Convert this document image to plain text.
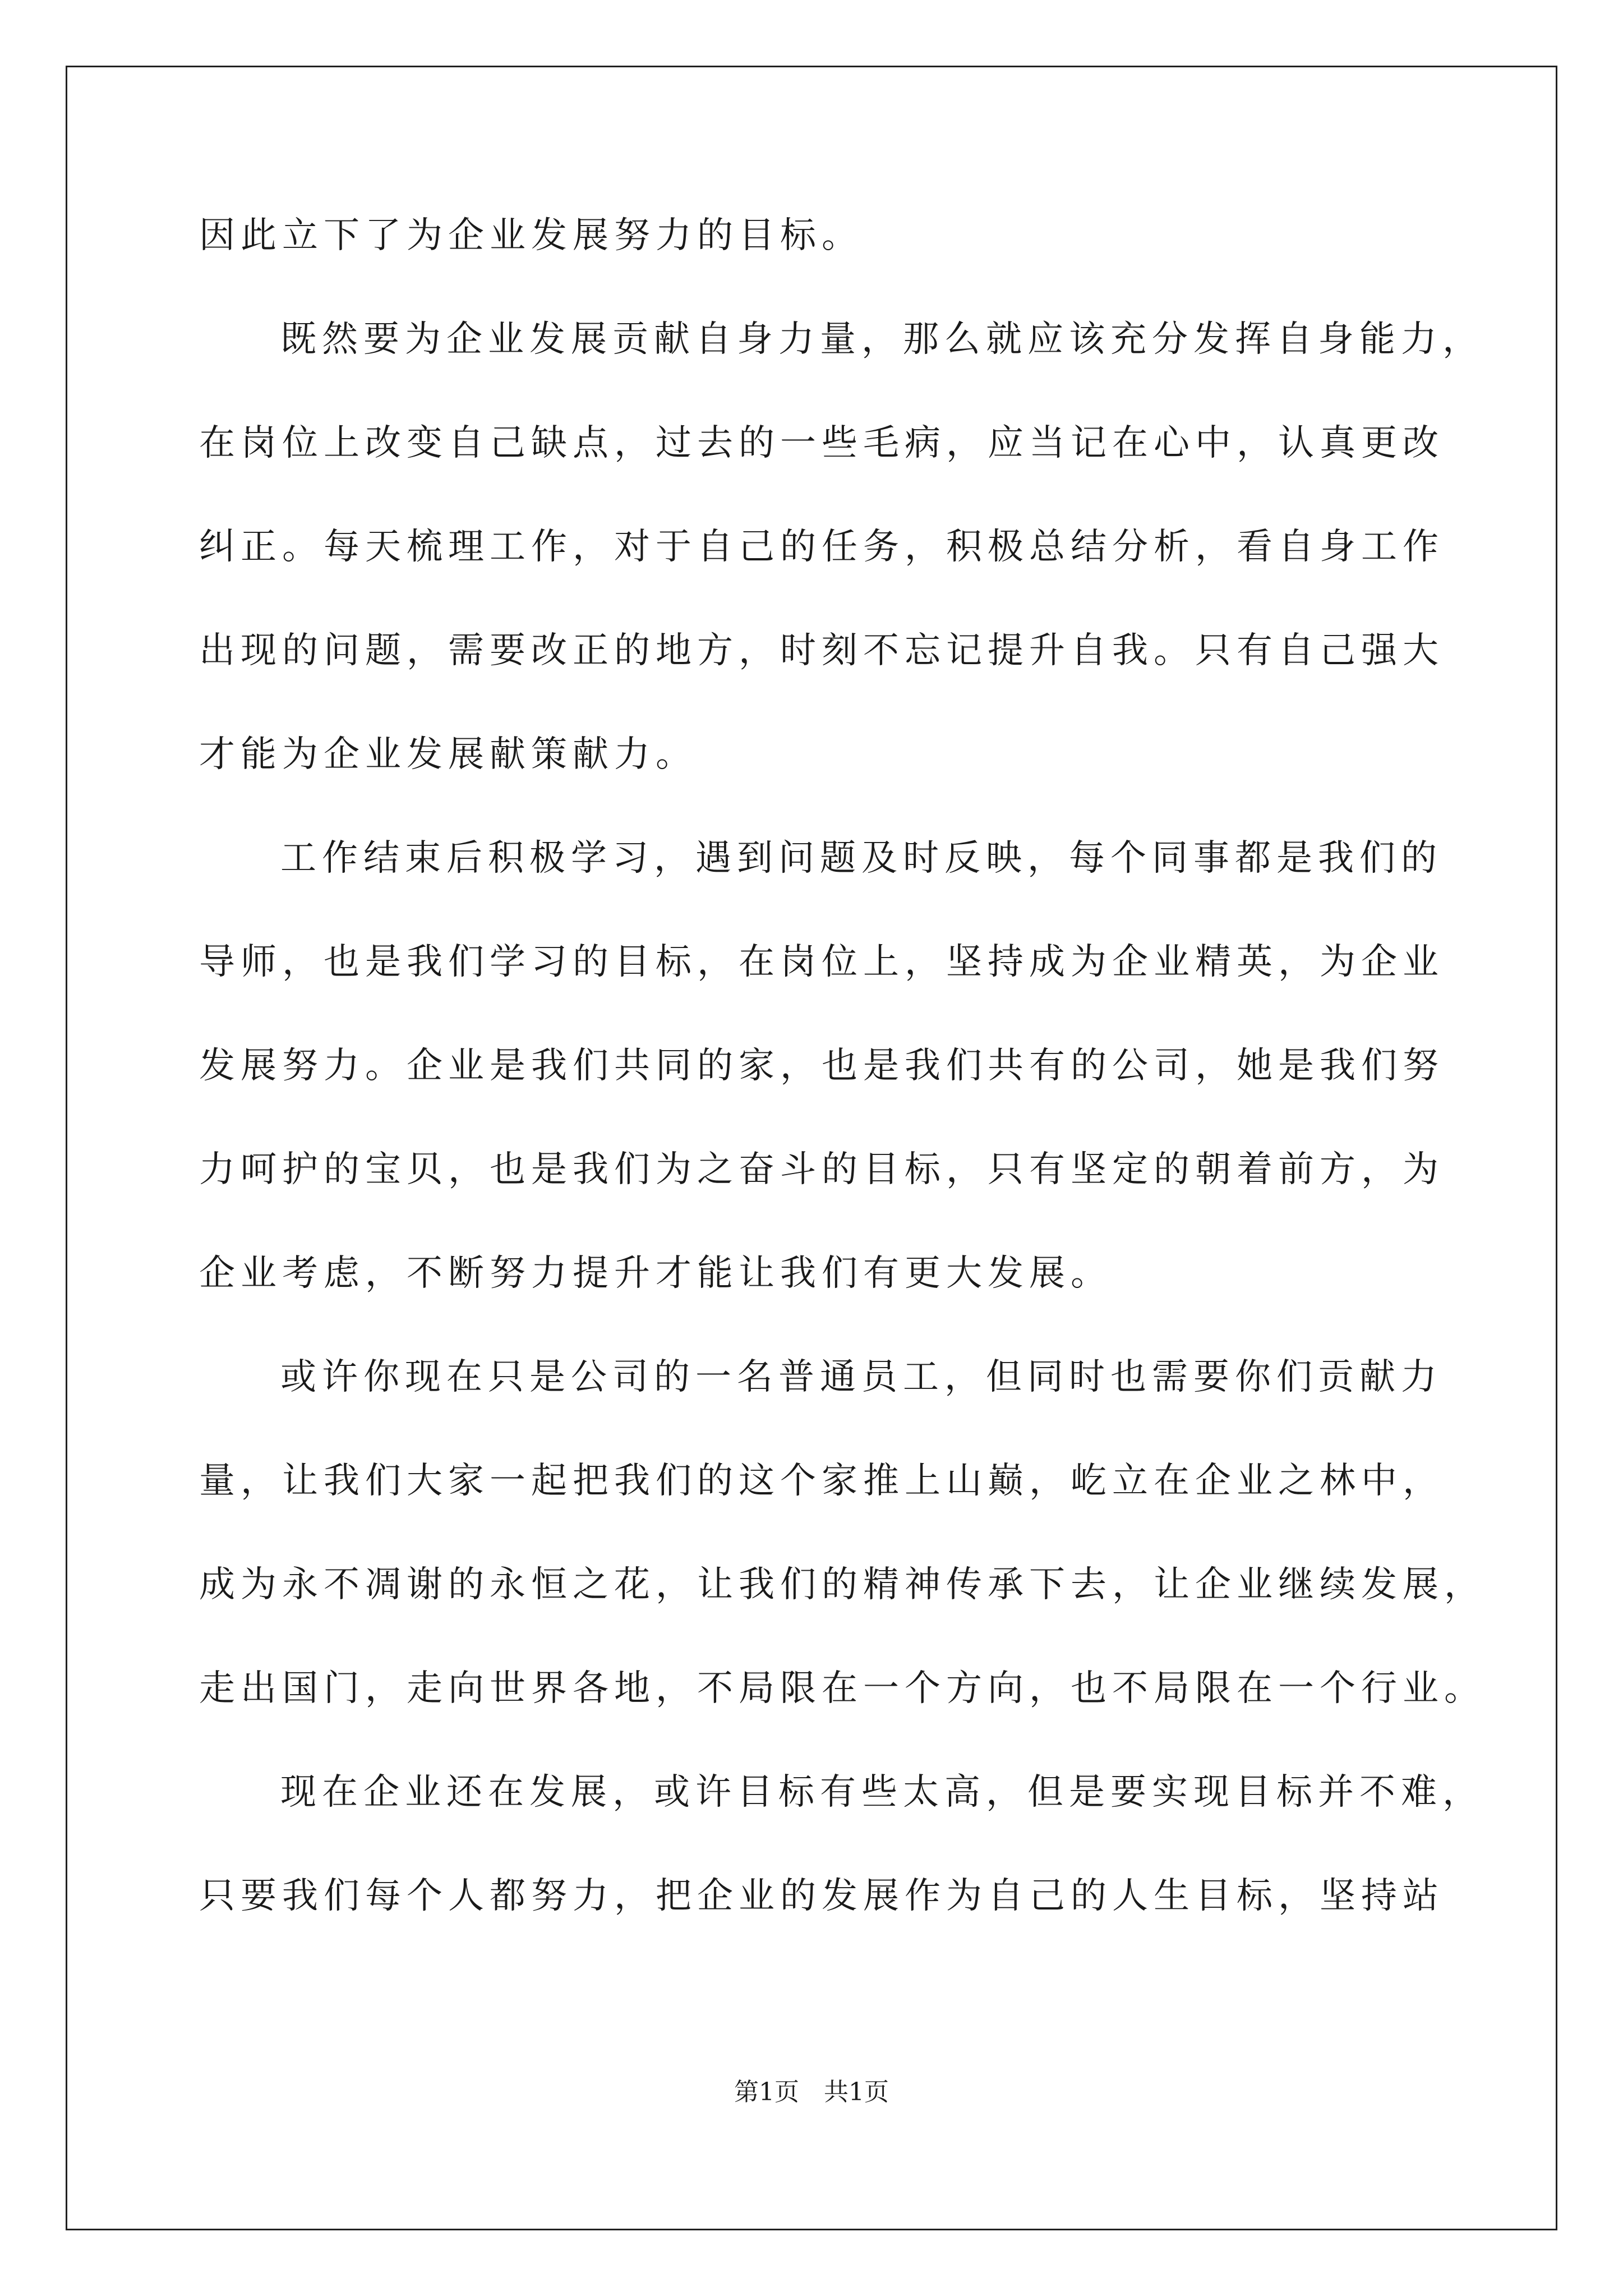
因此立下了为企业发展努力的目标。
既然要为企业发展贡献自身力量，那么就应该充分发挥自身能力，
在岗位上改变自己缺点，过去的一些毛病，应当记在心中，认真更改
纠正。每天梳理工作，对于自己的任务，积极总结分析，看自身工作
出现的问题，需要改正的地方，时刻不忘记提升自我。只有自己强大
才能为企业发展献策献力。
工作结束后积极学习，遇到问题及时反映，每个同事都是我们的
导师，也是我们学习的目标，在岗位上，坚持成为企业精英，为企业
发展努力。企业是我们共同的家，也是我们共有的公司，她是我们努
力呵护的宝贝，也是我们为之奋斗的目标，只有坚定的朝着前方，为
企业考虑，不断努力提升才能让我们有更大发展。
或许你现在只是公司的一名普通员工，但同时也需要你们贡献力
量，让我们大家一起把我们的这个家推上山巅，屹立在企业之林中，
成为永不凋谢的永恒之花，让我们的精神传承下去，让企业继续发展，
走出国门，走向世界各地，不局限在一个方向，也不局限在一个行业。
现在企业还在发展，或许目标有些太高，但是要实现目标并不难，
只要我们每个人都努力，把企业的发展作为自己的人生目标，坚持站
第1页　共1页
